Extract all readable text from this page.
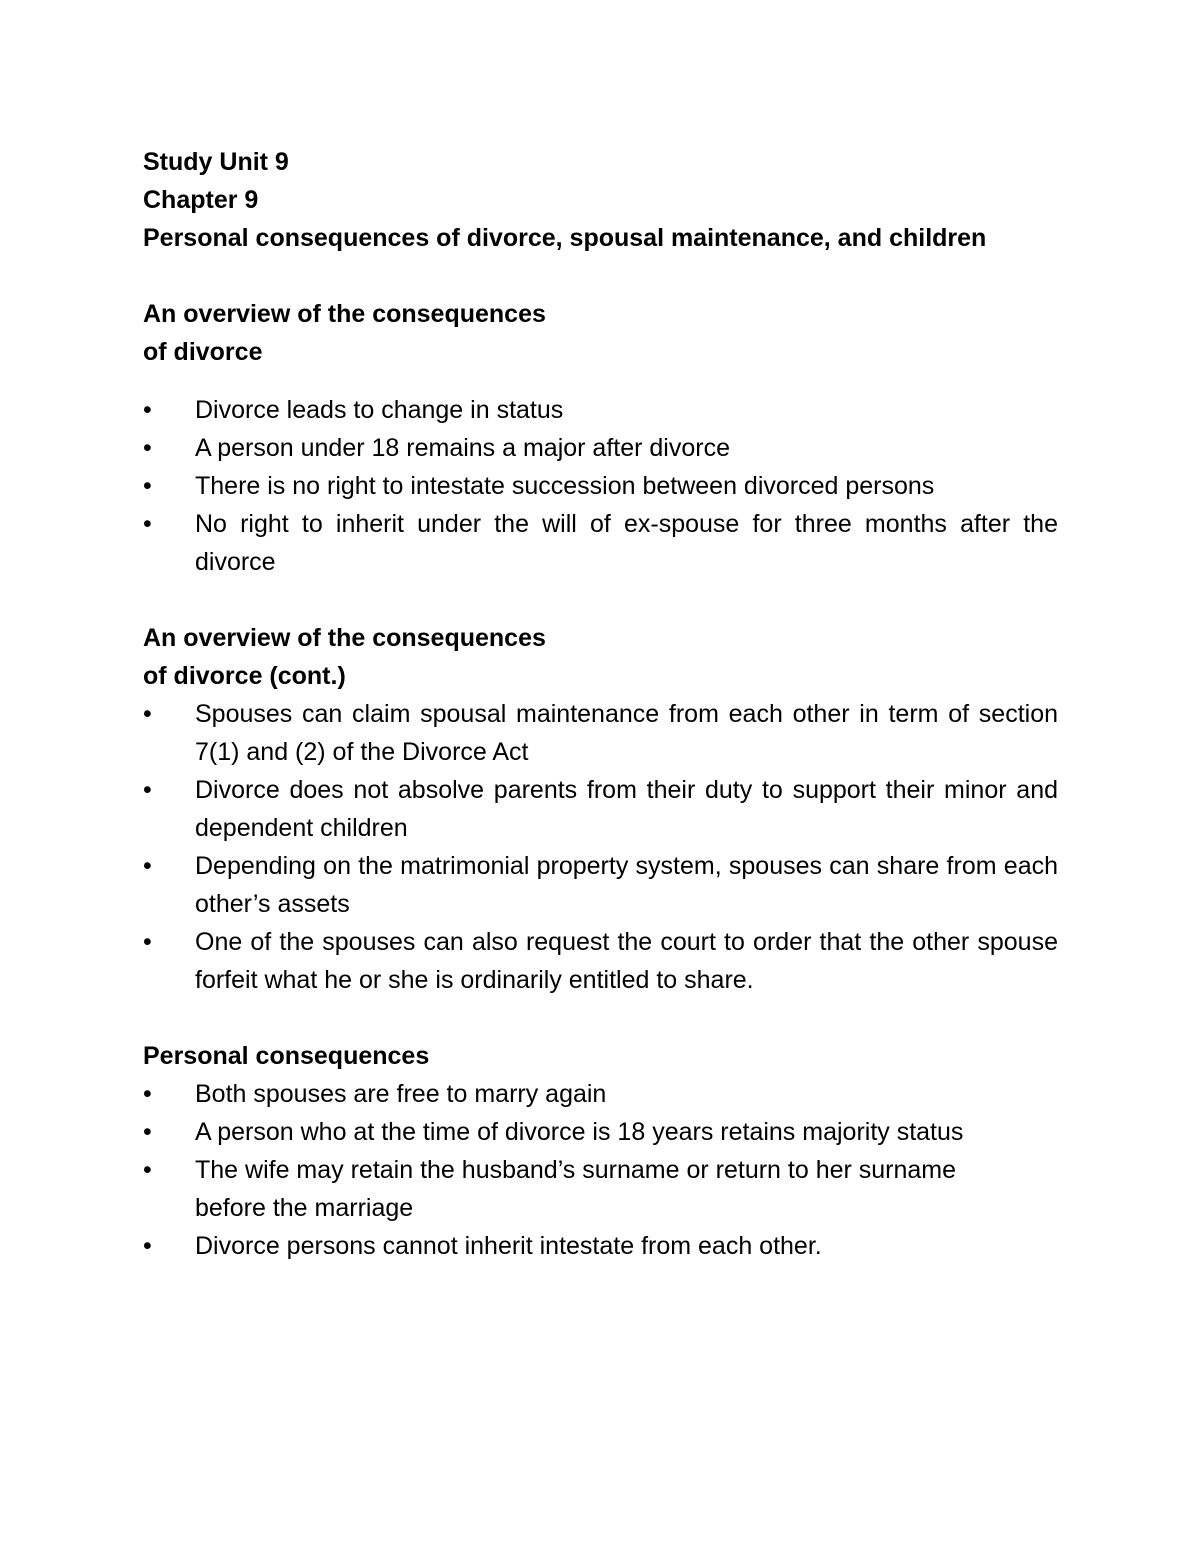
Study Unit 9

Chapter 9

Personal consequences of divorce, spousal maintenance, and children

An overview of the consequences

of divorce

•	Divorce leads to change in status
•	A person under 18 remains a major after divorce
•	There is no right to intestate succession between divorced persons
•	No right to inherit under the will of ex-spouse for three months after the divorce

An overview of the consequences

of divorce (cont.)

•	Spouses can claim spousal maintenance from each other in term of section 7(1) and (2) of the Divorce Act
•	Divorce does not absolve parents from their duty to support their minor and dependent children
•	Depending on the matrimonial property system, spouses can share from each other’s assets
•	One of the spouses can also request the court to order that the other spouse forfeit what he or she is ordinarily entitled to share.

Personal consequences

•	Both spouses are free to marry again
•	A person who at the time of divorce is 18 years retains majority status
•	The wife may retain the husband’s surname or return to her surname before the marriage
•	Divorce persons cannot inherit intestate from each other.
